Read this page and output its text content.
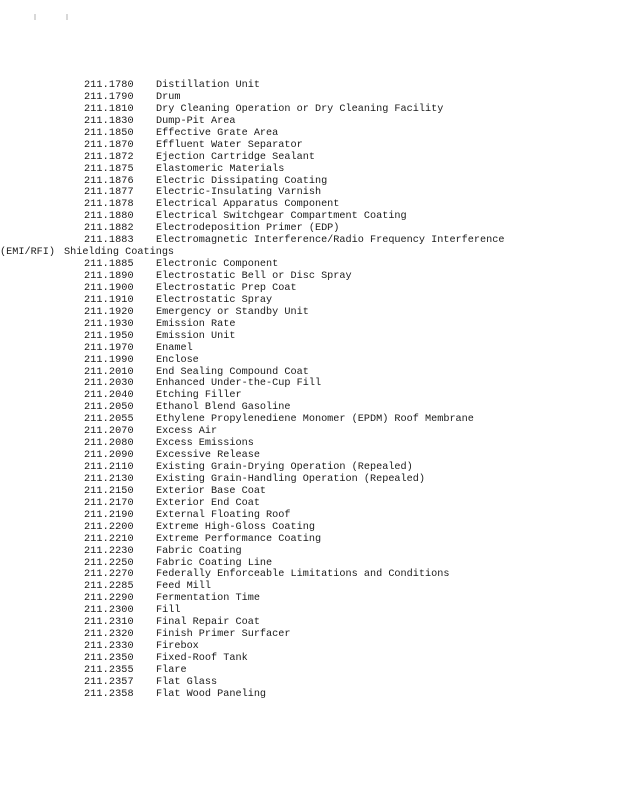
211.1780 Distillation Unit
211.1790 Drum
211.1810 Dry Cleaning Operation or Dry Cleaning Facility
211.1830 Dump-Pit Area
211.1850 Effective Grate Area
211.1870 Effluent Water Separator
211.1872 Ejection Cartridge Sealant
211.1875 Elastomeric Materials
211.1876 Electric Dissipating Coating
211.1877 Electric-Insulating Varnish
211.1878 Electrical Apparatus Component
211.1880 Electrical Switchgear Compartment Coating
211.1882 Electrodeposition Primer (EDP)
211.1883 Electromagnetic Interference/Radio Frequency Interference
(EMI/RFI) Shielding Coatings
211.1885 Electronic Component
211.1890 Electrostatic Bell or Disc Spray
211.1900 Electrostatic Prep Coat
211.1910 Electrostatic Spray
211.1920 Emergency or Standby Unit
211.1930 Emission Rate
211.1950 Emission Unit
211.1970 Enamel
211.1990 Enclose
211.2010 End Sealing Compound Coat
211.2030 Enhanced Under-the-Cup Fill
211.2040 Etching Filler
211.2050 Ethanol Blend Gasoline
211.2055 Ethylene Propylenediene Monomer (EPDM) Roof Membrane
211.2070 Excess Air
211.2080 Excess Emissions
211.2090 Excessive Release
211.2110 Existing Grain-Drying Operation (Repealed)
211.2130 Existing Grain-Handling Operation (Repealed)
211.2150 Exterior Base Coat
211.2170 Exterior End Coat
211.2190 External Floating Roof
211.2200 Extreme High-Gloss Coating
211.2210 Extreme Performance Coating
211.2230 Fabric Coating
211.2250 Fabric Coating Line
211.2270 Federally Enforceable Limitations and Conditions
211.2285 Feed Mill
211.2290 Fermentation Time
211.2300 Fill
211.2310 Final Repair Coat
211.2320 Finish Primer Surfacer
211.2330 Firebox
211.2350 Fixed-Roof Tank
211.2355 Flare
211.2357 Flat Glass
211.2358 Flat Wood Paneling
